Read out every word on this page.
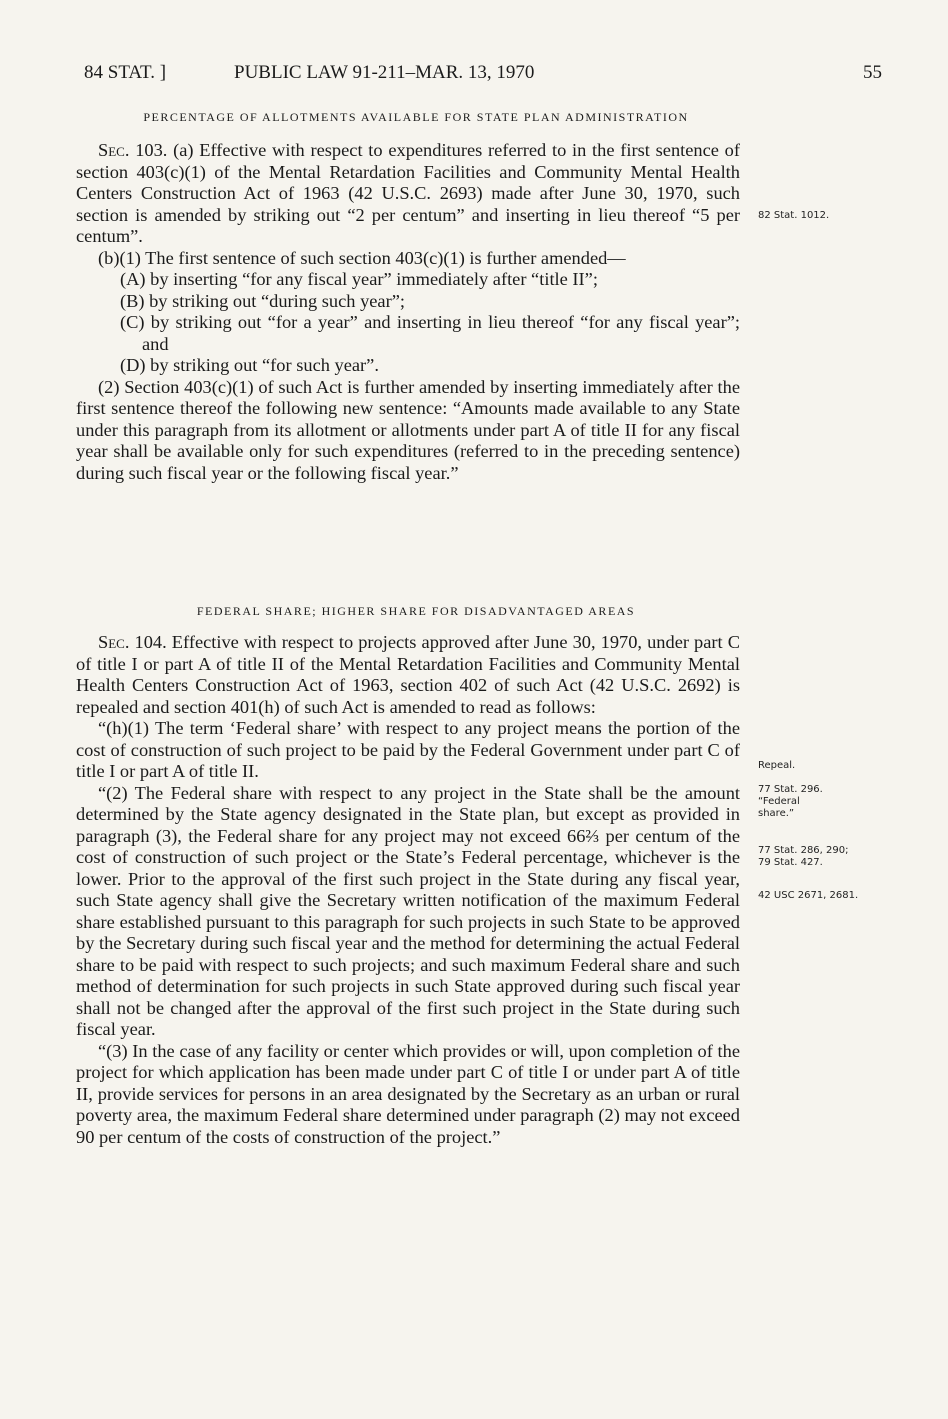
84 STAT. ]	PUBLIC LAW 91-211–MAR. 13, 1970	55
PERCENTAGE OF ALLOTMENTS AVAILABLE FOR STATE PLAN ADMINISTRATION

Sec. 103. (a) Effective with respect to expenditures referred to in the first sentence of section 403(c)(1) of the Mental Retardation Facilities and Community Mental Health Centers Construction Act of 1963 (42 U.S.C. 2693) made after June 30, 1970, such section is amended by striking out “2 per centum” and inserting in lieu thereof “5 per centum”.

(b)(1) The first sentence of such section 403(c)(1) is further amended—

(A) by inserting “for any fiscal year” immediately after “title II”;

(B) by striking out “during such year”;

(C) by striking out “for a year” and inserting in lieu thereof “for any fiscal year”; and

(D) by striking out “for such year”.

(2) Section 403(c)(1) of such Act is further amended by inserting immediately after the first sentence thereof the following new sentence: “Amounts made available to any State under this paragraph from its allotment or allotments under part A of title II for any fiscal year shall be available only for such expenditures (referred to in the preceding sentence) during such fiscal year or the following fiscal year.”

FEDERAL SHARE; HIGHER SHARE FOR DISADVANTAGED AREAS

Sec. 104. Effective with respect to projects approved after June 30, 1970, under part C of title I or part A of title II of the Mental Retardation Facilities and Community Mental Health Centers Construction Act of 1963, section 402 of such Act (42 U.S.C. 2692) is repealed and section 401(h) of such Act is amended to read as follows:

“(h)(1) The term ‘Federal share’ with respect to any project means the portion of the cost of construction of such project to be paid by the Federal Government under part C of title I or part A of title II.

“(2) The Federal share with respect to any project in the State shall be the amount determined by the State agency designated in the State plan, but except as provided in paragraph (3), the Federal share for any project may not exceed 66⅔ per centum of the cost of construction of such project or the State’s Federal percentage, whichever is the lower. Prior to the approval of the first such project in the State during any fiscal year, such State agency shall give the Secretary written notification of the maximum Federal share established pursuant to this paragraph for such projects in such State to be approved by the Secretary during such fiscal year and the method for determining the actual Federal share to be paid with respect to such projects; and such maximum Federal share and such method of determination for such projects in such State approved during such fiscal year shall not be changed after the approval of the first such project in the State during such fiscal year.

“(3) In the case of any facility or center which provides or will, upon completion of the project for which application has been made under part C of title I or under part A of title II, provide services for persons in an area designated by the Secretary as an urban or rural poverty area, the maximum Federal share determined under paragraph (2) may not exceed 90 per centum of the costs of construction of the project.”

82 Stat. 1012.
Repeal.
77 Stat. 296.
“Federal share.”
77 Stat. 286, 290; 79 Stat. 427.
42 USC 2671, 2681.
